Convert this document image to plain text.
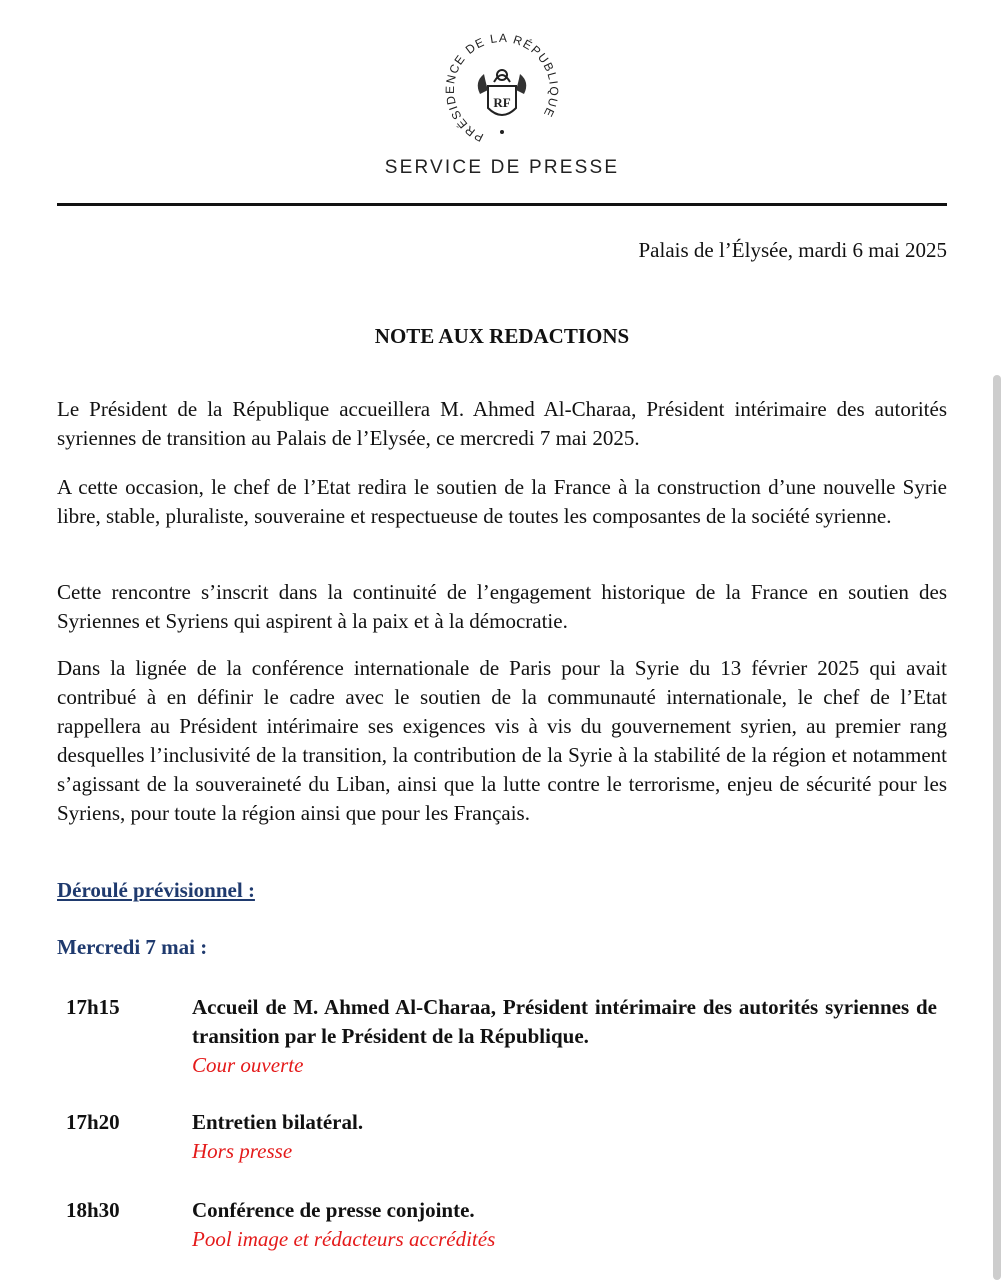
PRÉSIDENCE DE LA RÉPUBLIQUE
RF
SERVICE DE PRESSE
Palais de l’Élysée, mardi 6 mai 2025
NOTE AUX REDACTIONS

Le Président de la République accueillera M. Ahmed Al-Charaa, Président intérimaire des autorités syriennes de transition au Palais de l’Elysée, ce mercredi 7 mai 2025.

A cette occasion, le chef de l’Etat redira le soutien de la France à la construction d’une nouvelle Syrie libre, stable, pluraliste, souveraine et respectueuse de toutes les composantes de la société syrienne.

Cette rencontre s’inscrit dans la continuité de l’engagement historique de la France en soutien des Syriennes et Syriens qui aspirent à la paix et à la démocratie.

Dans la lignée de la conférence internationale de Paris pour la Syrie du 13 février 2025 qui avait contribué à en définir le cadre avec le soutien de la communauté internationale, le chef de l’Etat rappellera au Président intérimaire ses exigences vis à vis du gouvernement syrien, au premier rang desquelles l’inclusivité de la transition, la contribution de la Syrie à la stabilité de la région et notamment s’agissant de la souveraineté du Liban, ainsi que la lutte contre le terrorisme, enjeu de sécurité pour les Syriens, pour toute la région ainsi que pour les Français.

Déroulé prévisionnel :
Mercredi 7 mai :
17h15	Accueil de M. Ahmed Al-Charaa, Président intérimaire des autorités syriennes de transition par le Président de la République.
Cour ouverte
17h20	Entretien bilatéral.
Hors presse
18h30	Conférence de presse conjointe.
Pool image et rédacteurs accrédités
